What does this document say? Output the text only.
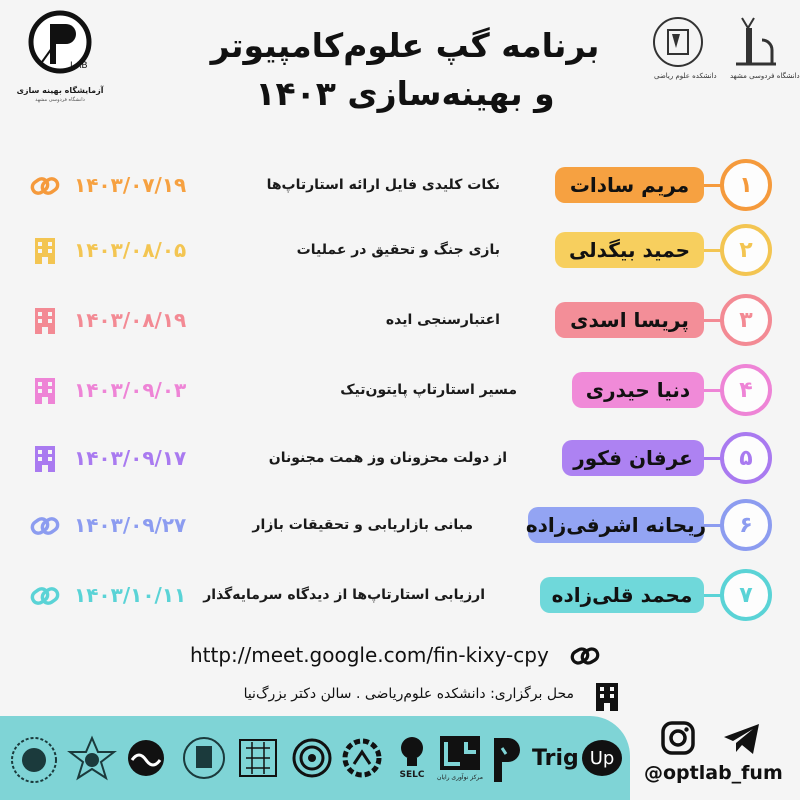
LAB
آزمایشگاه بهینه سازی
دانشگاه فردوسی مشهد
برنامه گپ علوم‌کامپیوتر
و بهینه‌سازی ۱۴۰۳	دانشکده علوم ریاضی دانشگاه فردوسی مشهد
۱
مریم سادات
نکات کلیدی فایل ارائه استارتاپ‌ها
۱۴۰۳/۰۷/۱۹
۲
حمید بیگدلی
بازی جنگ و تحقیق در عملیات
۱۴۰۳/۰۸/۰۵
۳
پریسا اسدی
اعتبارسنجی ایده
۱۴۰۳/۰۸/۱۹
۴
دنیا حیدری
مسیر استارتاپ پایتون‌تیک
۱۴۰۳/۰۹/۰۳
۵
عرفان فکور
از دولت محزونان وز همت مجنونان
۱۴۰۳/۰۹/۱۷
۶
ریحانه اشرفی‌زاده
مبانی بازاریابی و تحقیقات بازار
۱۴۰۳/۰۹/۲۷
۷
محمد قلی‌زاده
ارزیابی استارتاپ‌ها از دیدگاه سرمایه‌گذار
۱۴۰۳/۱۰/۱۱
http://meet.google.com/fin-kixy-cpy
محل برگزاری: دانشکده علوم‌ریاضی . سالن دکتر بزرگ‌نیا
SELC	مرکز نوآوری رایان
Trig Up
@optlab_fum
